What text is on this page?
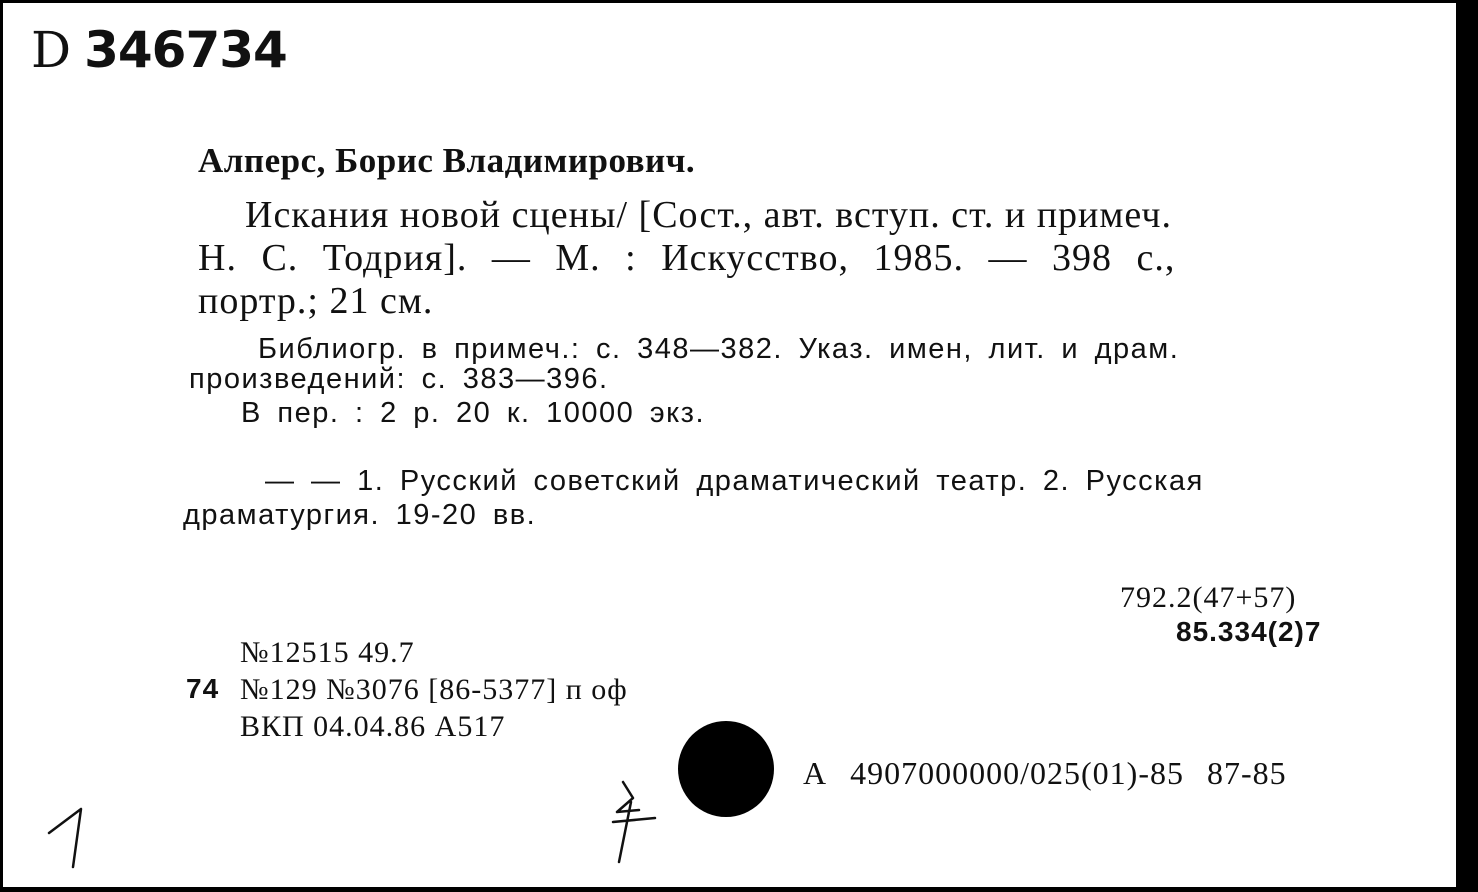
D 346734
Алперс, Борис Владимирович.
Искания новой сцены/ [Сост., авт. вступ. ст. и примеч.
Н. С. Тодрия]. — М. : Искусство, 1985. — 398 с.,
портр.; 21 см.
Библиогр. в примеч.: с. 348—382. Указ. имен, лит. и драм.
произведений: с. 383—396.
В пер. : 2 р. 20 к. 10000 экз.
— — 1. Русский советский драматический театр. 2. Русская
драматургия. 19-20 вв.
792.2(47+57)
85.334(2)7
№12515 49.7
74 №129 №3076 [86-5377] п оф
ВКП 04.04.86 А517
А 4907000000/025(01)-85 87-85
